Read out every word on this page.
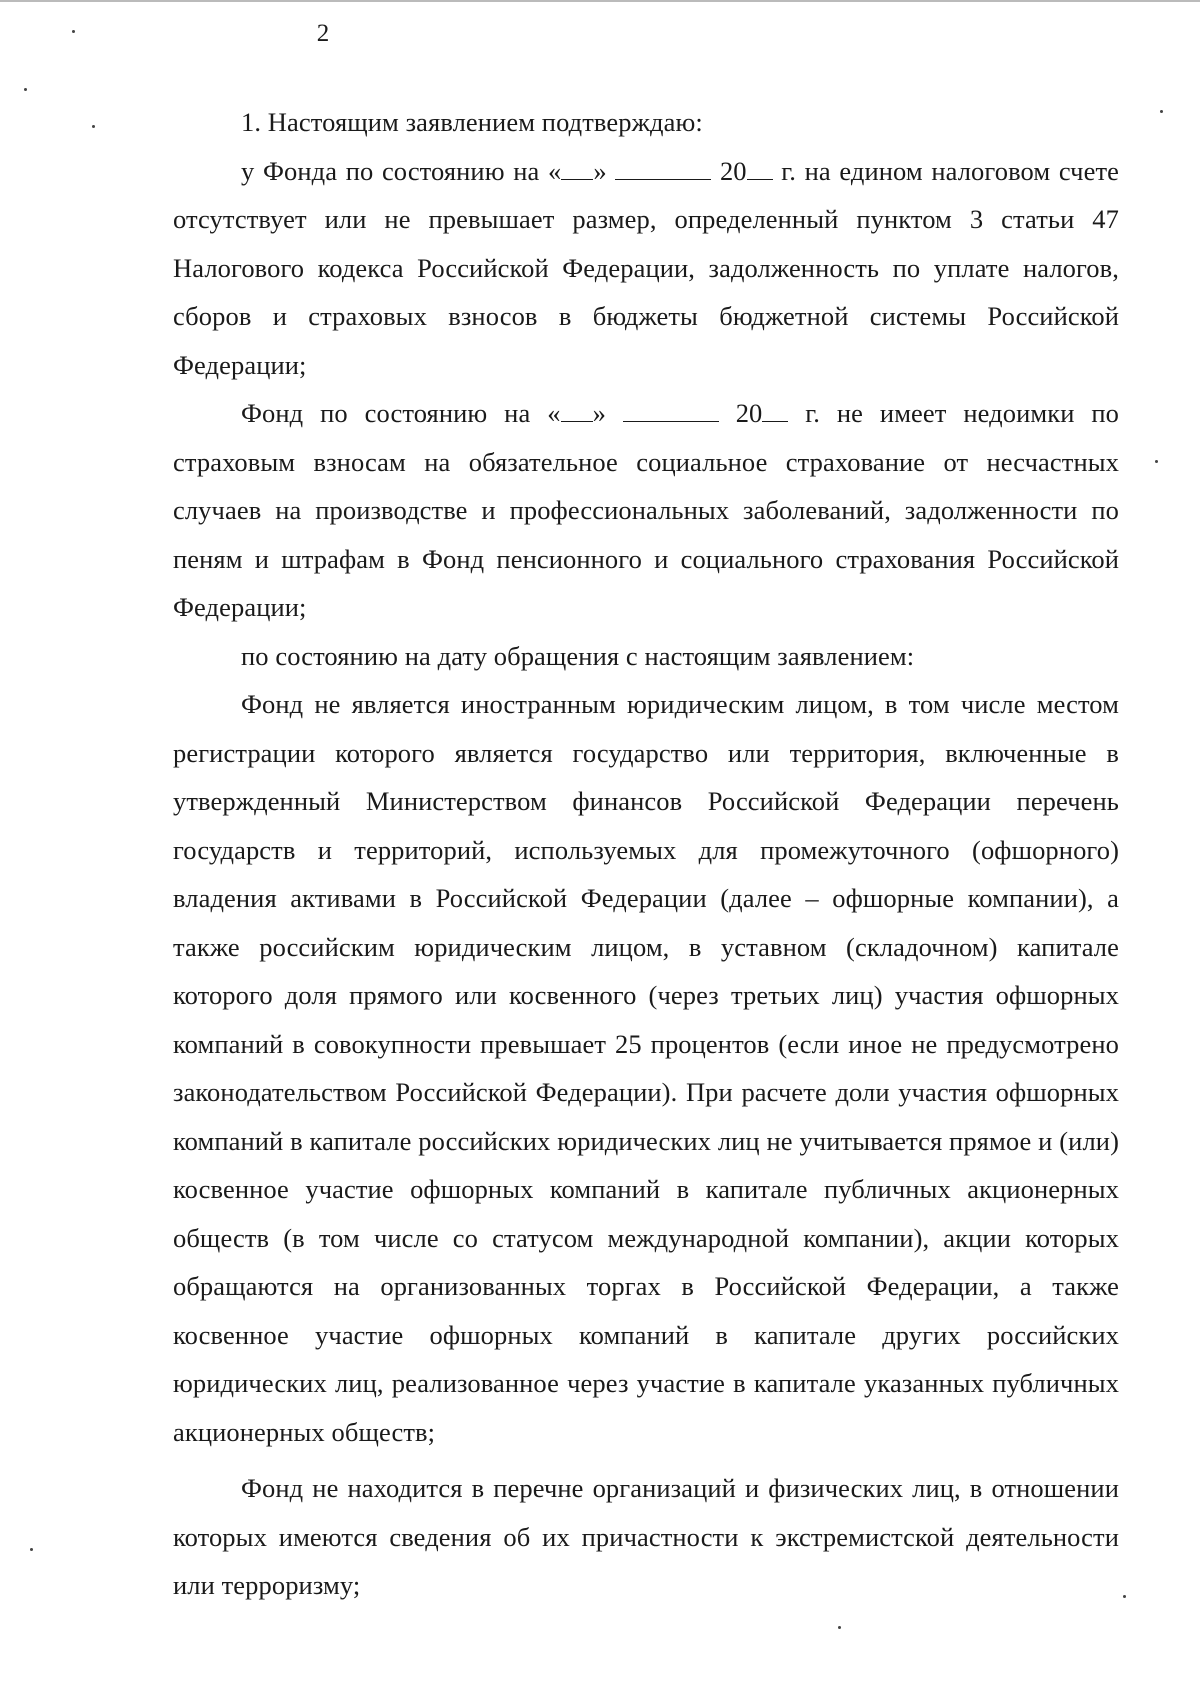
2

1. Настоящим заявлением подтверждаю:

у Фонда по состоянию на « »	20 г. на едином налоговом счете отсутствует или не превышает размер, определенный пунктом 3 статьи 47 Налогового кодекса Российской Федерации, задолженность по уплате налогов, сборов и страховых взносов в бюджеты бюджетной системы Российской Федерации;

Фонд по состоянию на « »	20 г. не имеет недоимки по страховым взносам на обязательное социальное страхование от несчастных случаев на производстве и профессиональных заболеваний, задолженности по пеням и штрафам в Фонд пенсионного и социального страхования Российской Федерации;

по состоянию на дату обращения с настоящим заявлением:

Фонд не является иностранным юридическим лицом, в том числе местом регистрации которого является государство или территория, включенные в утвержденный Министерством финансов Российской Федерации перечень государств и территорий, используемых для промежуточного (офшорного) владения активами в Российской Федерации (далее – офшорные компании), а также российским юридическим лицом, в уставном (складочном) капитале которого доля прямого или косвенного (через третьих лиц) участия офшорных компаний в совокупности превышает 25 процентов (если иное не предусмотрено законодательством Российской Федерации). При расчете доли участия офшорных компаний в капитале российских юридических лиц не учитывается прямое и (или) косвенное участие офшорных компаний в капитале публичных акционерных обществ (в том числе со статусом международной компании), акции которых обращаются на организованных торгах в Российской Федерации, а также косвенное участие офшорных компаний в капитале других российских юридических лиц, реализованное через участие в капитале указанных публичных акционерных обществ;

Фонд не находится в перечне организаций и физических лиц, в отношении которых имеются сведения об их причастности к экстремистской деятельности или терроризму;
